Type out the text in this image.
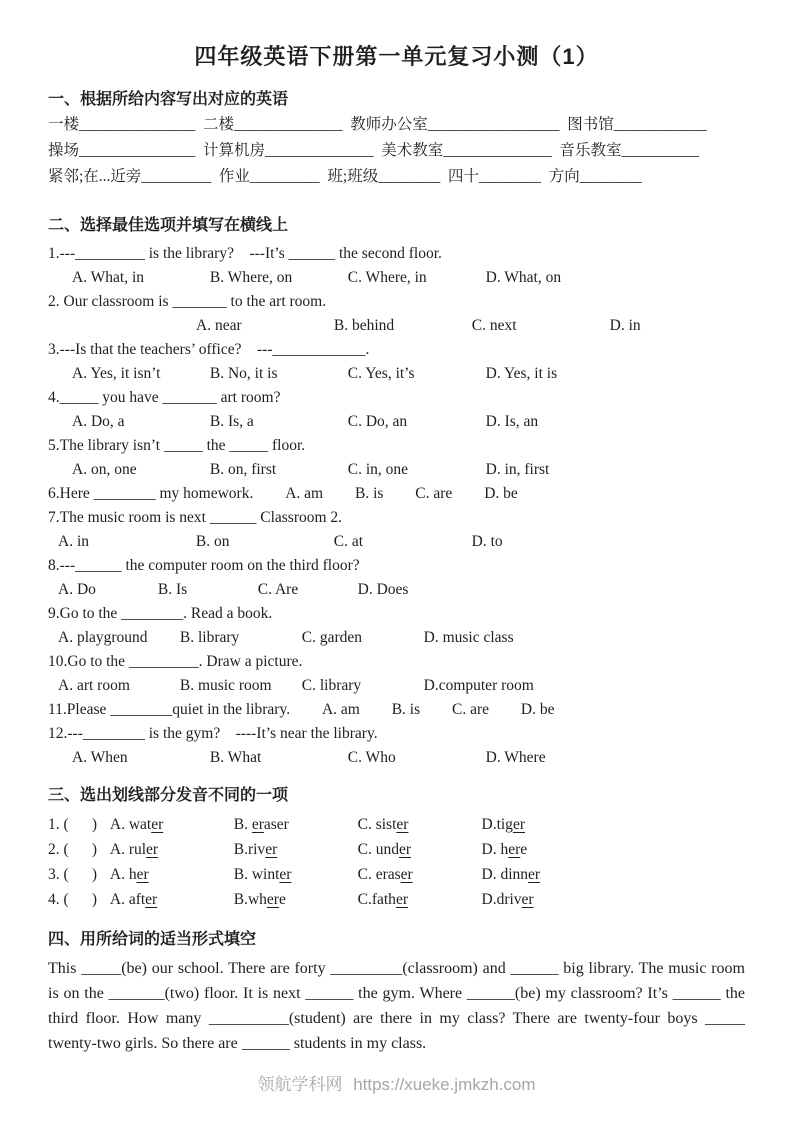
四年级英语下册第一单元复习小测（1）
一、根据所给内容写出对应的英语
一楼_______________  二楼______________  教师办公室_________________  图书馆____________
操场_______________  计算机房______________  美术教室______________  音乐教室__________
紧邻;在...近旁_________  作业_________  班;班级________  四十________  方向________
二、选择最佳选项并填写在横线上
1.---_________ is the library?    ---It’s ______ the second floor.
A. What, in	B. Where, on	C. Where, in	D. What, on
2. Our classroom is _______ to the art room.
A. near	B. behind	C. next	D. in
3.---Is that the teachers’ office?    ---____________.
A. Yes, it isn’t	B. No, it is	C. Yes, it’s	D. Yes, it is
4._____ you have _______ art room?
A. Do, a	B. Is, a	C. Do, an	D. Is, an
5.The library isn’t _____ the _____ floor.
A. on, one	B. on, first	C. in, one	D. in, first
6.Here ________ my homework. A. am B. is C. are D. be
7.The music room is next ______ Classroom 2.
A. in	B. on	C. at	D. to
8.---______ the computer room on the third floor?
A. Do	B. Is	C. Are	D. Does
9.Go to the ________. Read a book.
A. playground B. library	C. garden	D. music class
10.Go to the _________. Draw a picture.
A. art room	B. music room C. library	D.computer room
11.Please ________quiet in the library. A. am B. is C. are D. be
12.---________ is the gym?    ----It’s near the library.
A. When	B. What	C. Who	D. Where
三、选出划线部分发音不同的一项
1. (      ) A. water	B. eraser	C. sister	D.tiger
2. (      ) A. ruler	B.river	C. under	D. here
3. (      ) A. her	B. winter	C. eraser	D. dinner
4. (      ) A. after	B.where	C.father	D.driver
四、用所给词的适当形式填空

This _____(be) our school. There are forty _________(classroom) and ______ big library. The music room is on the _______(two) floor. It is next ______ the gym. Where ______(be) my classroom? It’s ______ the third floor. How many __________(student) are there in my class? There are twenty-four boys _____ twenty-two girls. So there are ______ students in my class.

领航学科网 https://xueke.jmkzh.com
